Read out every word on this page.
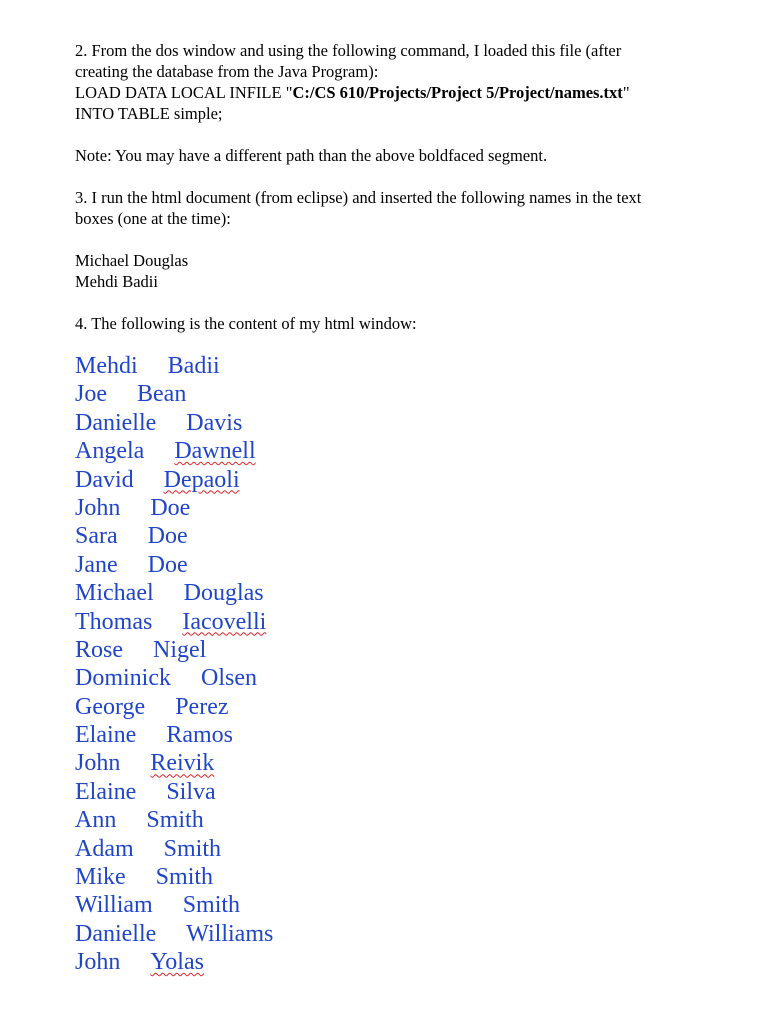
2. From the dos window and using the following command, I loaded this file (after

creating the database from the Java Program):

LOAD DATA LOCAL INFILE "C:/CS 610/Projects/Project 5/Project/names.txt"

INTO TABLE simple;

Note: You may have a different path than the above boldfaced segment.

3. I run the html document (from eclipse) and inserted the following names in the text

boxes (one at the time):

Michael Douglas

Mehdi Badii

4. The following is the content of my html window:

Mehdi Badii
Joe Bean
Danielle Davis
Angela Dawnell
David Depaoli
John Doe
Sara Doe
Jane Doe
Michael Douglas
Thomas Iacovelli
Rose Nigel
Dominick Olsen
George Perez
Elaine Ramos
John Reivik
Elaine Silva
Ann Smith
Adam Smith
Mike Smith
William Smith
Danielle Williams
John Yolas
